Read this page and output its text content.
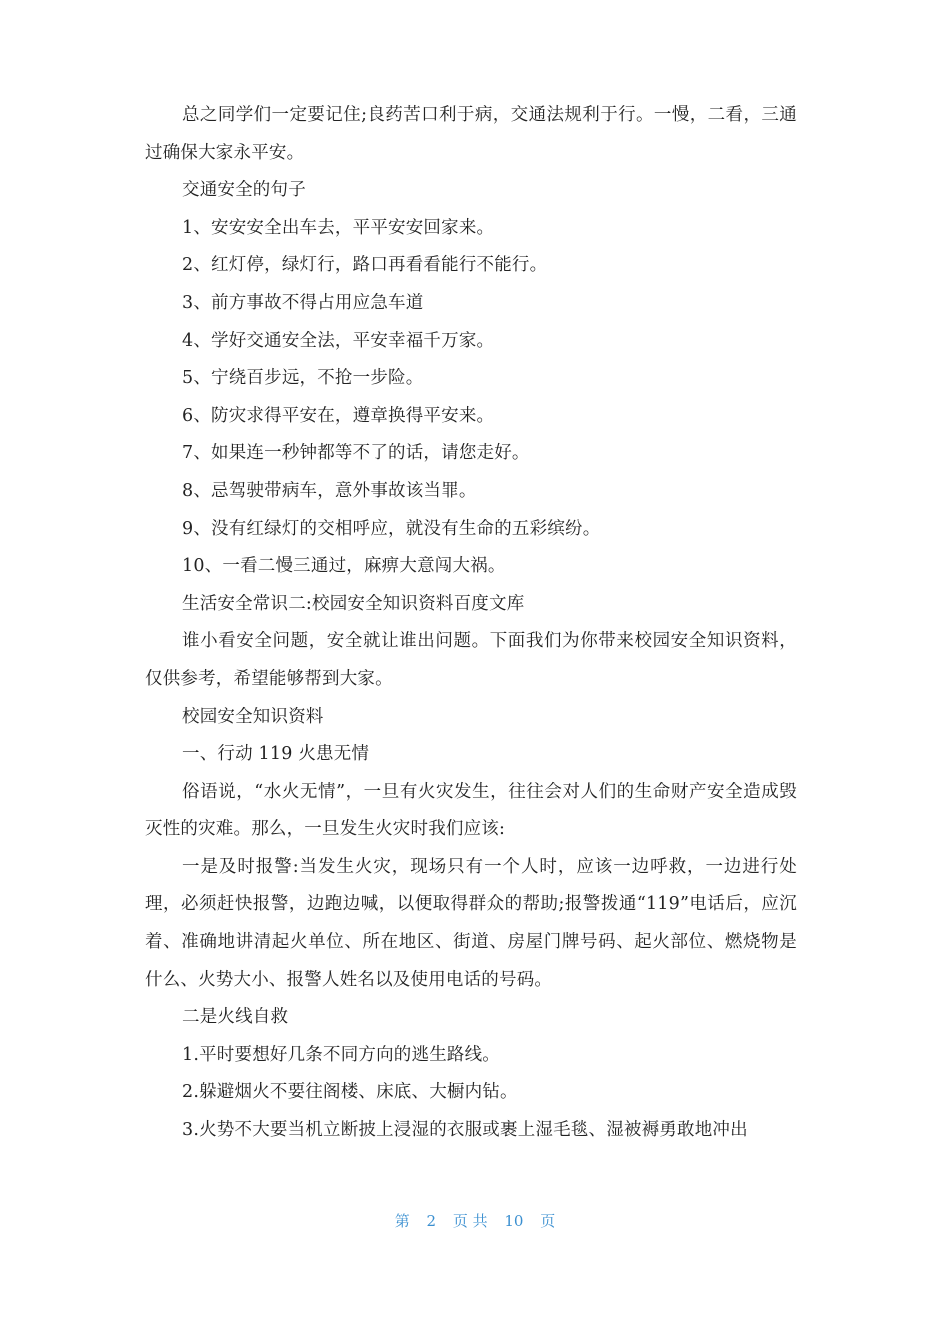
总之同学们一定要记住;良药苦口利于病，交通法规利于行。一慢，二看，三通过确保大家永平安。

交通安全的句子

1、安安安全出车去，平平安安回家来。

2、红灯停，绿灯行，路口再看看能行不能行。

3、前方事故不得占用应急车道

4、学好交通安全法，平安幸福千万家。

5、宁绕百步远，不抢一步险。

6、防灾求得平安在，遵章换得平安来。

7、如果连一秒钟都等不了的话，请您走好。

8、忌驾驶带病车，意外事故该当罪。

9、没有红绿灯的交相呼应，就没有生命的五彩缤纷。

10、一看二慢三通过，麻痹大意闯大祸。

生活安全常识二:校园安全知识资料百度文库

谁小看安全问题，安全就让谁出问题。下面我们为你带来校园安全知识资料，仅供参考，希望能够帮到大家。

校园安全知识资料

一、行动 119 火患无情

俗语说，“水火无情”，一旦有火灾发生，往往会对人们的生命财产安全造成毁灭性的灾难。那么，一旦发生火灾时我们应该:

一是及时报警:当发生火灾，现场只有一个人时，应该一边呼救，一边进行处理，必须赶快报警，边跑边喊，以便取得群众的帮助;报警拨通“119”电话后，应沉着、准确地讲清起火单位、所在地区、街道、房屋门牌号码、起火部位、燃烧物是什么、火势大小、报警人姓名以及使用电话的号码。

二是火线自救

1.平时要想好几条不同方向的逃生路线。

2.躲避烟火不要往阁楼、床底、大橱内钻。

3.火势不大要当机立断披上浸湿的衣服或裹上湿毛毯、湿被褥勇敢地冲出

第 2 页 共 10 页
